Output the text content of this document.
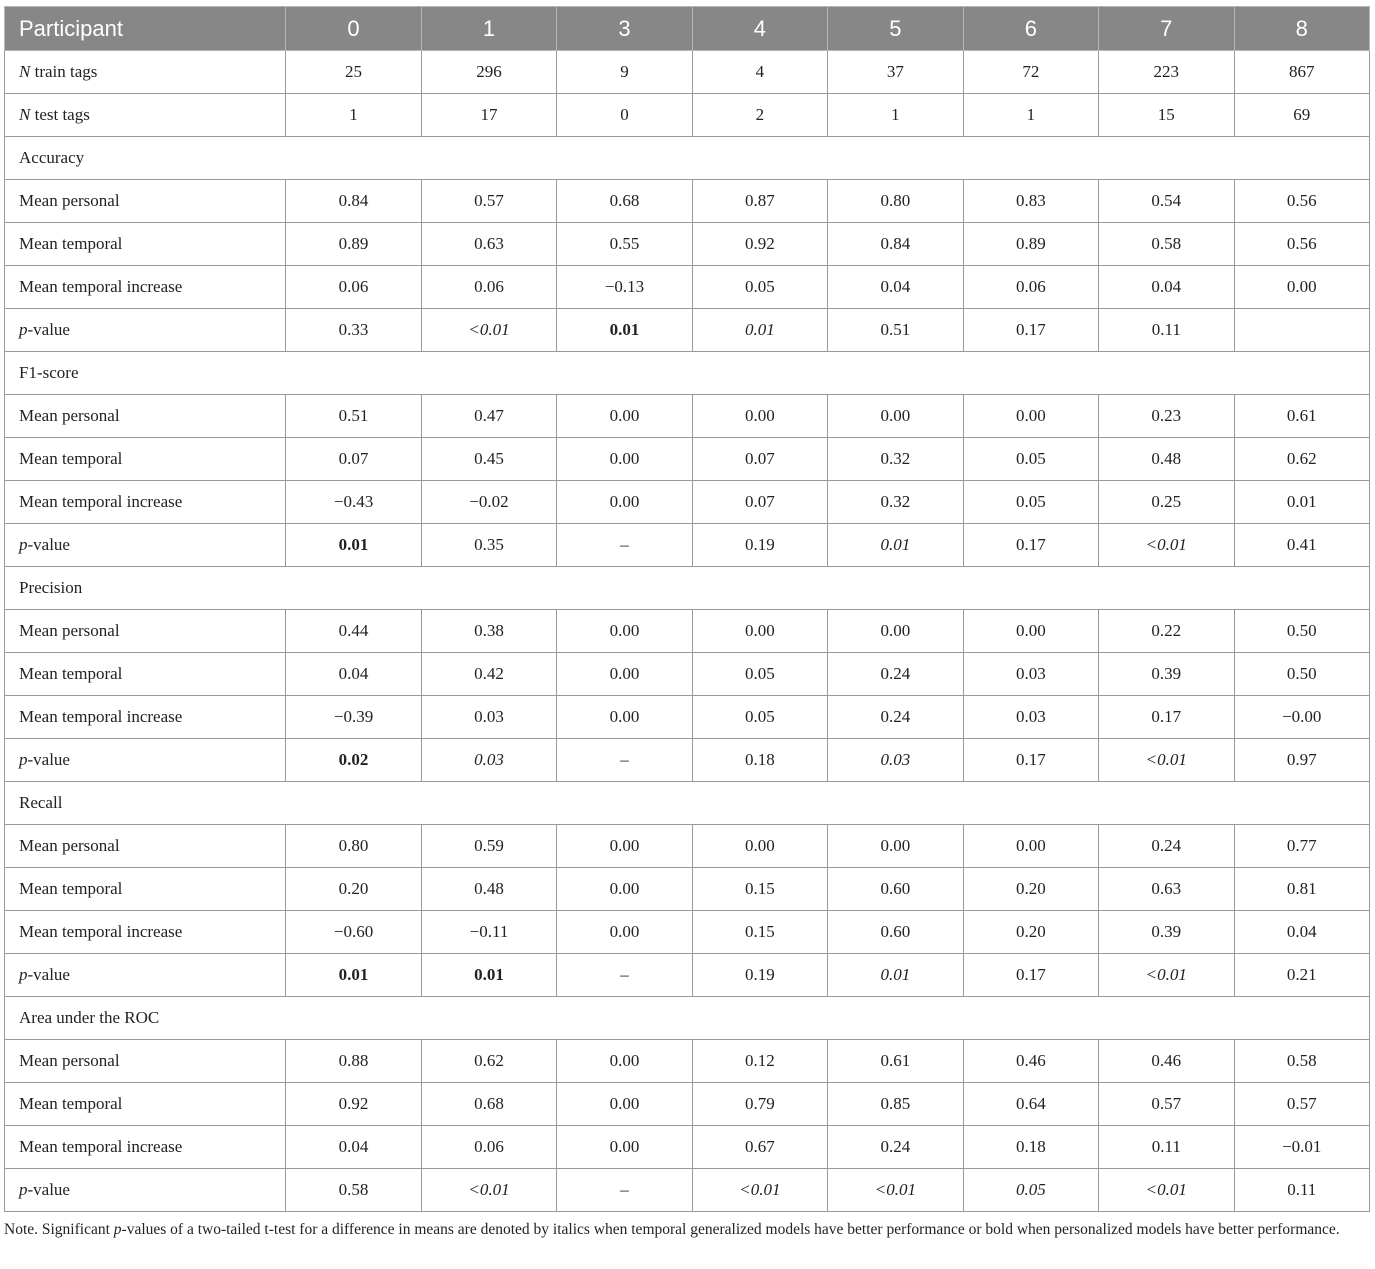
Participant	0	1	3	4	5	6	7	8
N train tags	25	296	9	4	37	72	223	867
N test tags	1	17	0	2	1	1	15	69
Accuracy								
Mean personal	0.84	0.57	0.68	0.87	0.80	0.83	0.54	0.56
Mean temporal	0.89	0.63	0.55	0.92	0.84	0.89	0.58	0.56
Mean temporal increase	0.06	0.06	−0.13	0.05	0.04	0.06	0.04	0.00
p-value	0.33	<0.01	0.01	0.01	0.51	0.17	0.11	
F1-score								
Mean personal	0.51	0.47	0.00	0.00	0.00	0.00	0.23	0.61
Mean temporal	0.07	0.45	0.00	0.07	0.32	0.05	0.48	0.62
Mean temporal increase	−0.43	−0.02	0.00	0.07	0.32	0.05	0.25	0.01
p-value	0.01	0.35	–	0.19	0.01	0.17	<0.01	0.41
Precision								
Mean personal	0.44	0.38	0.00	0.00	0.00	0.00	0.22	0.50
Mean temporal	0.04	0.42	0.00	0.05	0.24	0.03	0.39	0.50
Mean temporal increase	−0.39	0.03	0.00	0.05	0.24	0.03	0.17	−0.00
p-value	0.02	0.03	–	0.18	0.03	0.17	<0.01	0.97
Recall								
Mean personal	0.80	0.59	0.00	0.00	0.00	0.00	0.24	0.77
Mean temporal	0.20	0.48	0.00	0.15	0.60	0.20	0.63	0.81
Mean temporal increase	−0.60	−0.11	0.00	0.15	0.60	0.20	0.39	0.04
p-value	0.01	0.01	–	0.19	0.01	0.17	<0.01	0.21
Area under the ROC								
Mean personal	0.88	0.62	0.00	0.12	0.61	0.46	0.46	0.58
Mean temporal	0.92	0.68	0.00	0.79	0.85	0.64	0.57	0.57
Mean temporal increase	0.04	0.06	0.00	0.67	0.24	0.18	0.11	−0.01
p-value	0.58	<0.01	–	<0.01	<0.01	0.05	<0.01	0.11
Note. Significant p-values of a two-tailed t-test for a difference in means are denoted by italics when temporal generalized models have better performance or bold when personalized models have better performance.
